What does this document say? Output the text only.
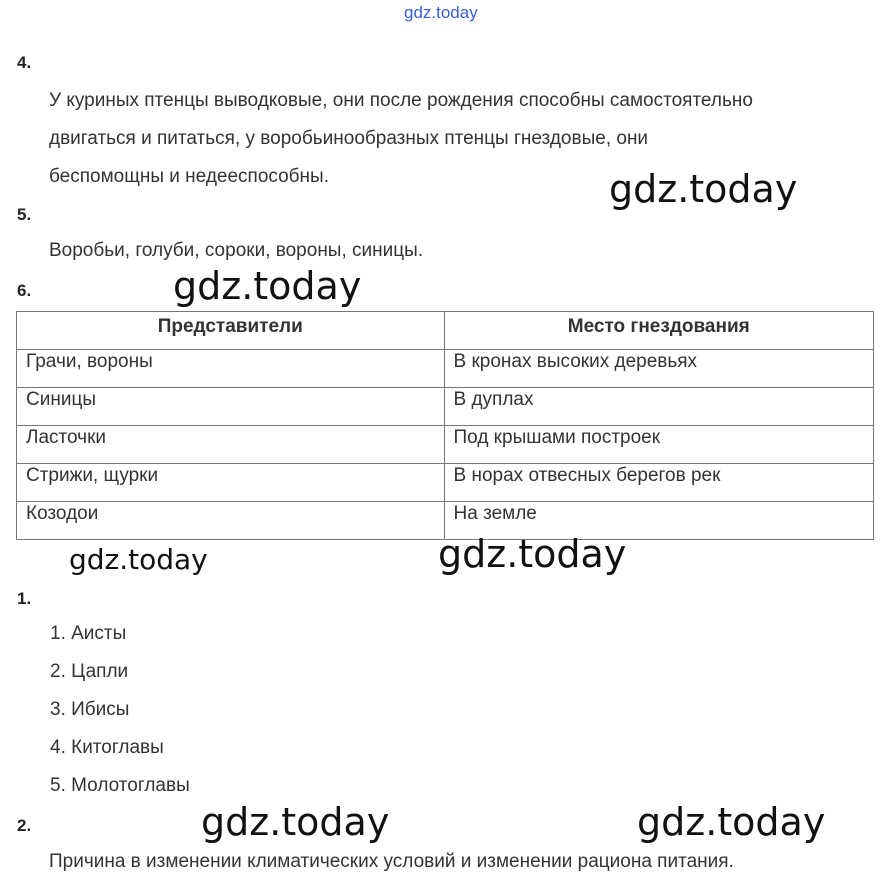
gdz.today
4.
У куриных птенцы выводковые, они после рождения способны самостоятельно
двигаться и питаться, у воробьинообразных птенцы гнездовые, они
беспомощны и недееспособны.	gdz.today
5.
Воробьи, голуби, сороки, вороны, синицы.
6.	gdz.today
Представители	Место гнездования
Грачи, вороны	В кронах высоких деревьях
Синицы	В дуплах
Ласточки	Под крышами построек
Стрижи, щурки	В норах отвесных берегов рек
Козодои	На земле
gdz.today	gdz.today
1.
1. Аисты
2. Цапли
3. Ибисы
4. Китоглавы
5. Молотоглавы
2.	gdz.today	gdz.today
Причина в изменении климатических условий и изменении рациона питания.
